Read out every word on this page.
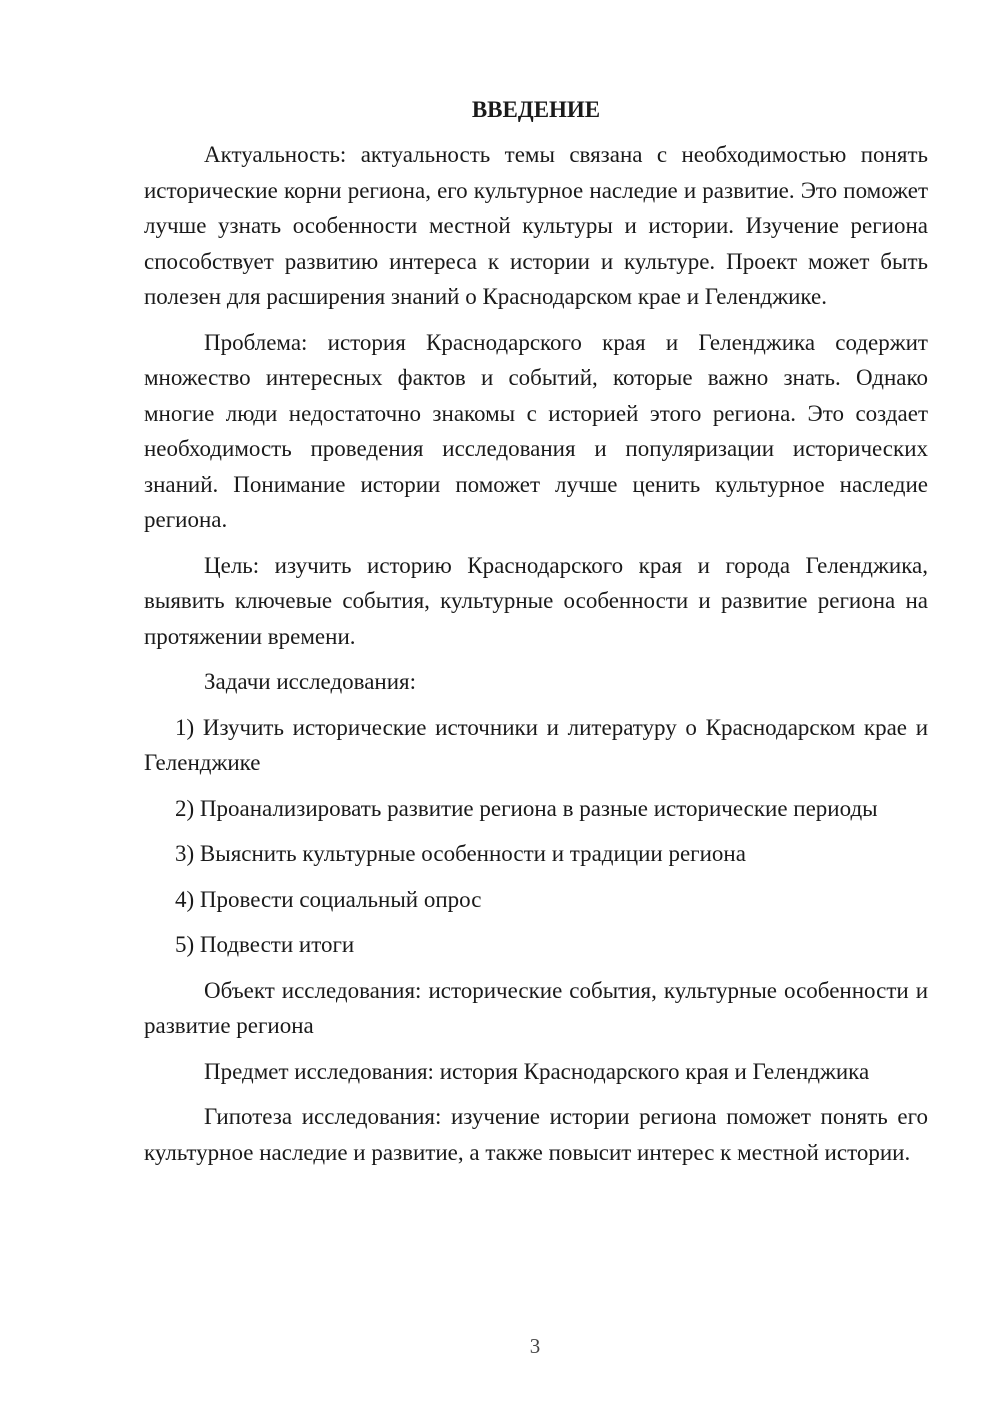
ВВЕДЕНИЕ

Актуальность: актуальность темы связана с необходимостью понять исторические корни региона, его культурное наследие и развитие. Это поможет лучше узнать особенности местной культуры и истории. Изучение региона способствует развитию интереса к истории и культуре. Проект может быть полезен для расширения знаний о Краснодарском крае и Геленджике.

Проблема: история Краснодарского края и Геленджика содержит множество интересных фактов и событий, которые важно знать. Однако многие люди недостаточно знакомы с историей этого региона. Это создает необходимость проведения исследования и популяризации исторических знаний. Понимание истории поможет лучше ценить культурное наследие региона.

Цель: изучить историю Краснодарского края и города Геленджика, выявить ключевые события, культурные особенности и развитие региона на протяжении времени.

Задачи исследования:

1) Изучить исторические источники и литературу о Краснодарском крае и Геленджике

2) Проанализировать развитие региона в разные исторические периоды

3) Выяснить культурные особенности и традиции региона

4) Провести социальный опрос

5) Подвести итоги

Объект исследования: исторические события, культурные особенности и развитие региона

Предмет исследования: история Краснодарского края и Геленджика

Гипотеза исследования: изучение истории региона поможет понять его культурное наследие и развитие, а также повысит интерес к местной истории.

3
